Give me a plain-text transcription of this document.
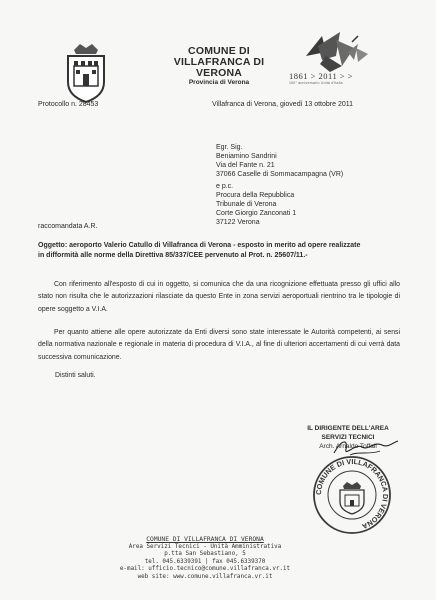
COMUNE DI
VILLAFRANCA DI VERONA
Provincia di Verona
1861 > 2011 > >
150° anniversario Unità d'Italia
Protocollo n. 28453	Villafranca di Verona, giovedì 13 ottobre 2011
Egr. Sig.
Beniamino Sandrini
Via del Fante n. 21
37066 Caselle di Sommacampagna (VR)
e p.c.
Procura della Repubblica
Tribunale di Verona
Corte Giorgio Zanconati 1
37122 Verona
raccomandata A.R.
Oggetto: aeroporto Valerio Catullo di Villafranca di Verona - esposto in merito ad opere realizzate
in difformità alle norme della Direttiva 85/337/CEE pervenuto al Prot. n. 25607/11.-
Con riferimento all'esposto di cui in oggetto, si comunica che da una ricognizione effettuata presso gli uffici allo stato non risulta che le autorizzazioni rilasciate da questo Ente in zona servizi aeroportuali rientrino tra le tipologie di opere soggetto a V.I.A.
Per quanto attiene alle opere autorizzate da Enti diversi sono state interessate le Autorità competenti, ai sensi della normativa nazionale e regionale in materia di procedura di V.I.A., al fine di ulteriori accertamenti di cui verrà data successiva comunicazione.
Distinti saluti.
IL DIRIGENTE DELL'AREA
SERVIZI TECNICI
Arch. Arnaldo Toffali
COMUNE DI VILLAFRANCA DI VERONA
COMUNE DI VILLAFRANCA DI VERONA
Area Servizi Tecnici - Unità Amministrativa
p.tta San Sebastiano, 5
tel. 045.6339391 | fax 045.6339370
e-mail: ufficio.tecnico@comune.villafranca.vr.it
web site: www.comune.villafranca.vr.it
